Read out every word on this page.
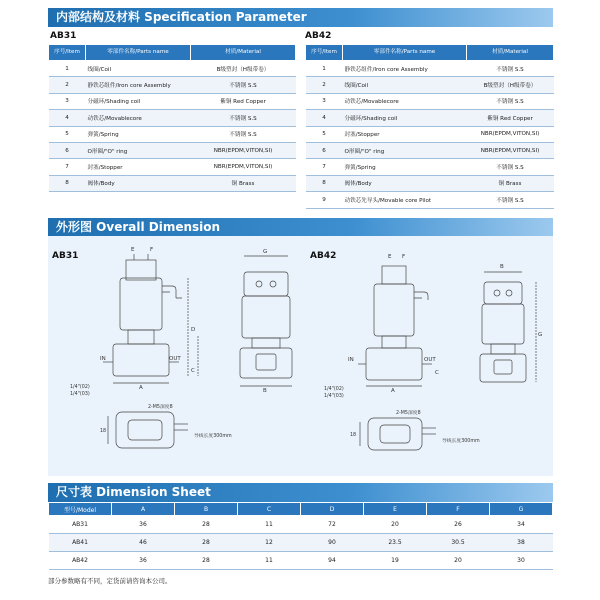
内部结构及材料 Specification Parameter
外形图 Overall Dimension
尺寸表 Dimension Sheet
AB31	AB42
序号/Item	零部件名称/Parts name	材质/Material
1	线圈/Coil	B级塑封（H级带卷）
2	静铁芯组件/Iron core Assembly	不锈钢 S.S
3	分磁环/Shading coil	紫铜 Red Copper
4	动铁芯/Movablecore	不锈钢 S.S
5	弹簧/Spring	不锈钢 S.S
6	O形圈/"O" ring	NBR(EPDM,VITON,SI)
7	封塞/Stopper	NBR(EPDM,VITON,SI)
8	阀体/Body	铜 Brass
序号/Item	零部件名称/Parts name	材质/Material
1	静铁芯组件/Iron core Assembly	不锈钢 S.S
2	线圈/Coil	B级塑封（H级带卷）
3	动铁芯/Movablecore	不锈钢 S.S
4	分磁环/Shading coil	紫铜 Red Copper
5	封塞/Stopper	NBR(EPDM,VITON,SI)
6	O形圈/"O" ring	NBR(EPDM,VITON,SI)
7	弹簧/Spring	不锈钢 S.S
8	阀体/Body	铜 Brass
9	动铁芯先导头/Movable core Pilot	不锈钢 S.S
AB31	AB42
E	F
D
C
A
G
B
IN	OUT
1/4"(02)
1/4"(03)
E F
G
C
A
B
IN	OUT
1/4"(02)
1/4"(03)
2-M5深度8
导线长度300mm
18
2-M5深度8
导线长度300mm
18
型号/Model	A	B	C	D	E	F	G
AB31	36	28	11	72	20	26	34
AB41	46	28	12	90	23.5	30.5	38
AB42	36	28	11	94	19	20	30
部分参数略有不同，定货前请咨询本公司。
